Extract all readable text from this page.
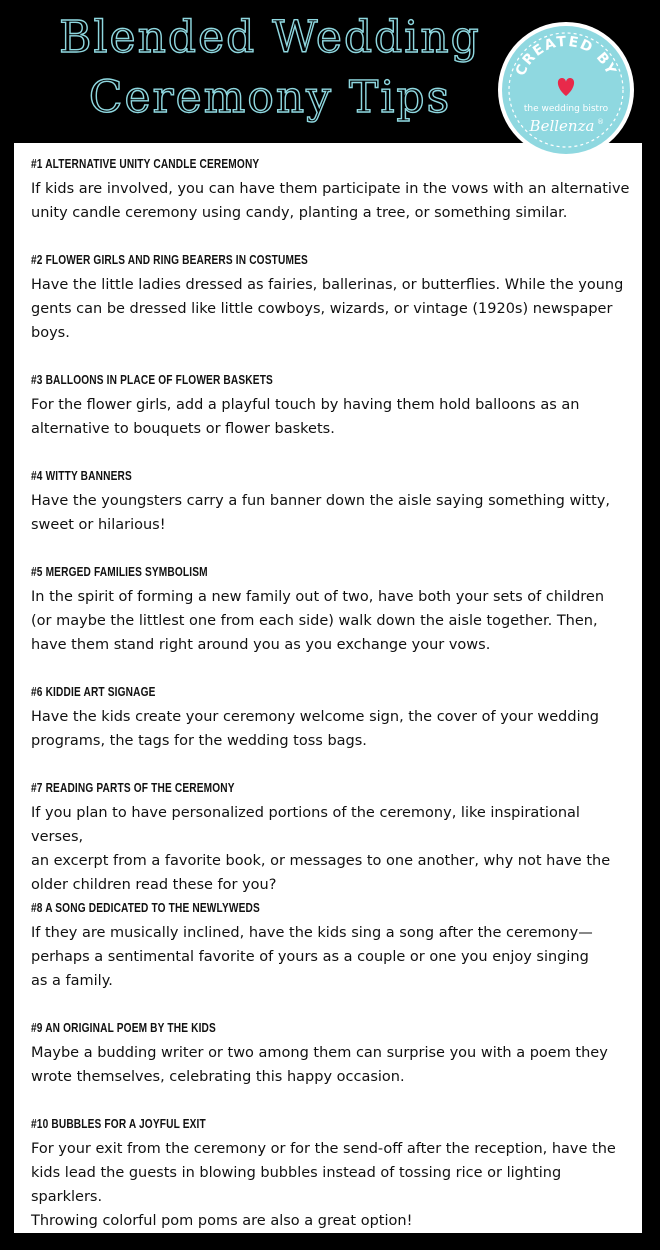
Blended Wedding
Ceremony Tips
#1 ALTERNATIVE UNITY CANDLE CEREMONY
If kids are involved, you can have them participate in the vows with an alternative
unity candle ceremony using candy, planting a tree, or something similar.
#2 FLOWER GIRLS AND RING BEARERS IN COSTUMES
Have the little ladies dressed as fairies, ballerinas, or butterflies. While the young
gents can be dressed like little cowboys, wizards, or vintage (1920s) newspaper
boys.
#3 BALLOONS IN PLACE OF FLOWER BASKETS
For the flower girls, add a playful touch by having them hold balloons as an
alternative to bouquets or flower baskets.
#4 WITTY BANNERS
Have the youngsters carry a fun banner down the aisle saying something witty,
sweet or hilarious!
#5 MERGED FAMILIES SYMBOLISM
In the spirit of forming a new family out of two, have both your sets of children
(or maybe the littlest one from each side) walk down the aisle together. Then,
have them stand right around you as you exchange your vows.
#6 KIDDIE ART SIGNAGE
Have the kids create your ceremony welcome sign, the cover of your wedding
programs, the tags for the wedding toss bags.
#7 READING PARTS OF THE CEREMONY
If you plan to have personalized portions of the ceremony, like inspirational verses,
an excerpt from a favorite book, or messages to one another, why not have the
older children read these for you?
#8 A SONG DEDICATED TO THE NEWLYWEDS
If they are musically inclined, have the kids sing a song after the ceremony—
perhaps a sentimental favorite of yours as a couple or one you enjoy singing
as a family.
#9 AN ORIGINAL POEM BY THE KIDS
Maybe a budding writer or two among them can surprise you with a poem they
wrote themselves, celebrating this happy occasion.
#10 BUBBLES FOR A JOYFUL EXIT
For your exit from the ceremony or for the send-off after the reception, have the
kids lead the guests in blowing bubbles instead of tossing rice or lighting sparklers.
Throwing colorful pom poms are also a great option!
CREATED BY
the wedding bistro
Bellenza ®
